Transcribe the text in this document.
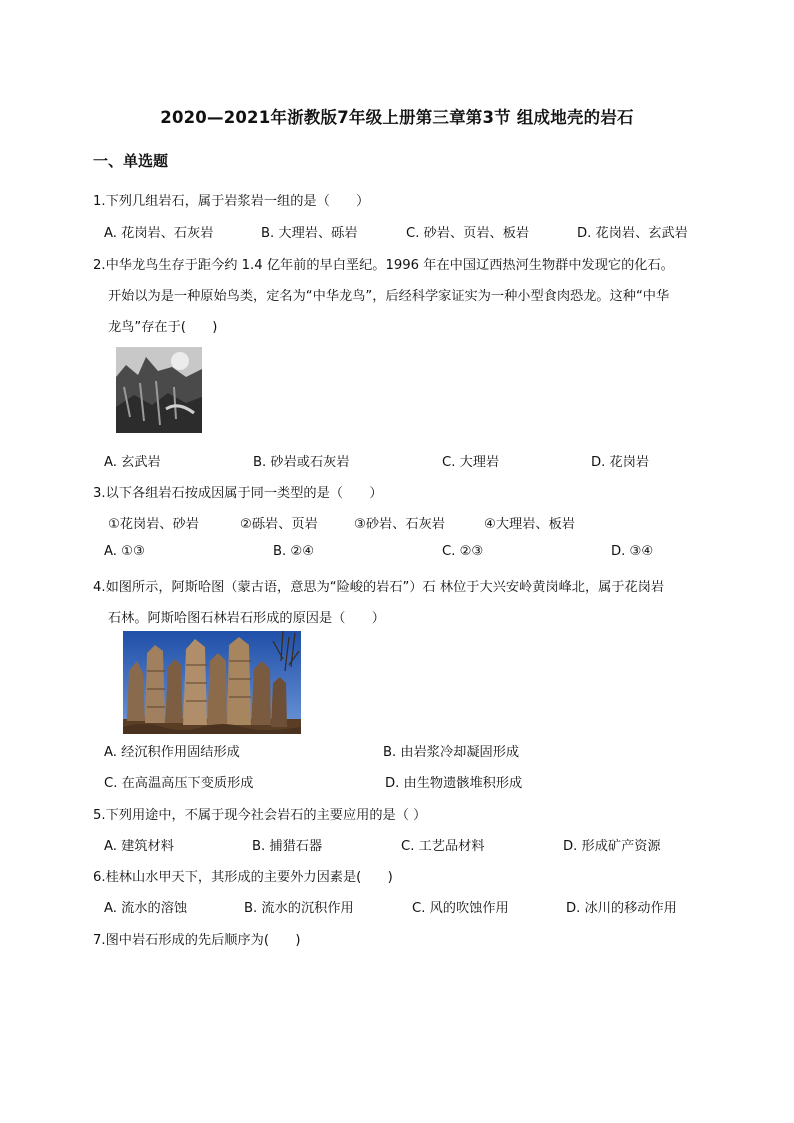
2020—2021年浙教版7年级上册第三章第3节 组成地壳的岩石
一、单选题
1.下列几组岩石，属于岩浆岩一组的是（　　）
A. 花岗岩、石灰岩	B. 大理岩、砾岩	C. 砂岩、页岩、板岩	D. 花岗岩、玄武岩
2.中华龙鸟生存于距今约 1.4 亿年前的早白垩纪。1996 年在中国辽西热河生物群中发现它的化石。
开始以为是一种原始鸟类，定名为“中华龙鸟”，后经科学家证实为一种小型食肉恐龙。这种“中华
龙鸟”存在于(　　)
A. 玄武岩	B. 砂岩或石灰岩	C. 大理岩	D. 花岗岩
3.以下各组岩石按成因属于同一类型的是（　　）
①花岗岩、砂岩	②砾岩、页岩	③砂岩、石灰岩	④大理岩、板岩
A. ①③	B. ②④	C. ②③	D. ③④
4.如图所示，阿斯哈图（蒙古语，意思为“险峻的岩石”）石 林位于大兴安岭黄岗峰北，属于花岗岩
石林。阿斯哈图石林岩石形成的原因是（　　）
A. 经沉积作用固结形成	B. 由岩浆冷却凝固形成
C. 在高温高压下变质形成	D. 由生物遗骸堆积形成
5.下列用途中，不属于现今社会岩石的主要应用的是（ ）
A. 建筑材料	B. 捕猎石器	C. 工艺品材料	D. 形成矿产资源
6.桂林山水甲天下，其形成的主要外力因素是(　　)
A. 流水的溶蚀	B. 流水的沉积作用	C. 风的吹蚀作用	D. 冰川的移动作用
7.图中岩石形成的先后顺序为(　　)
